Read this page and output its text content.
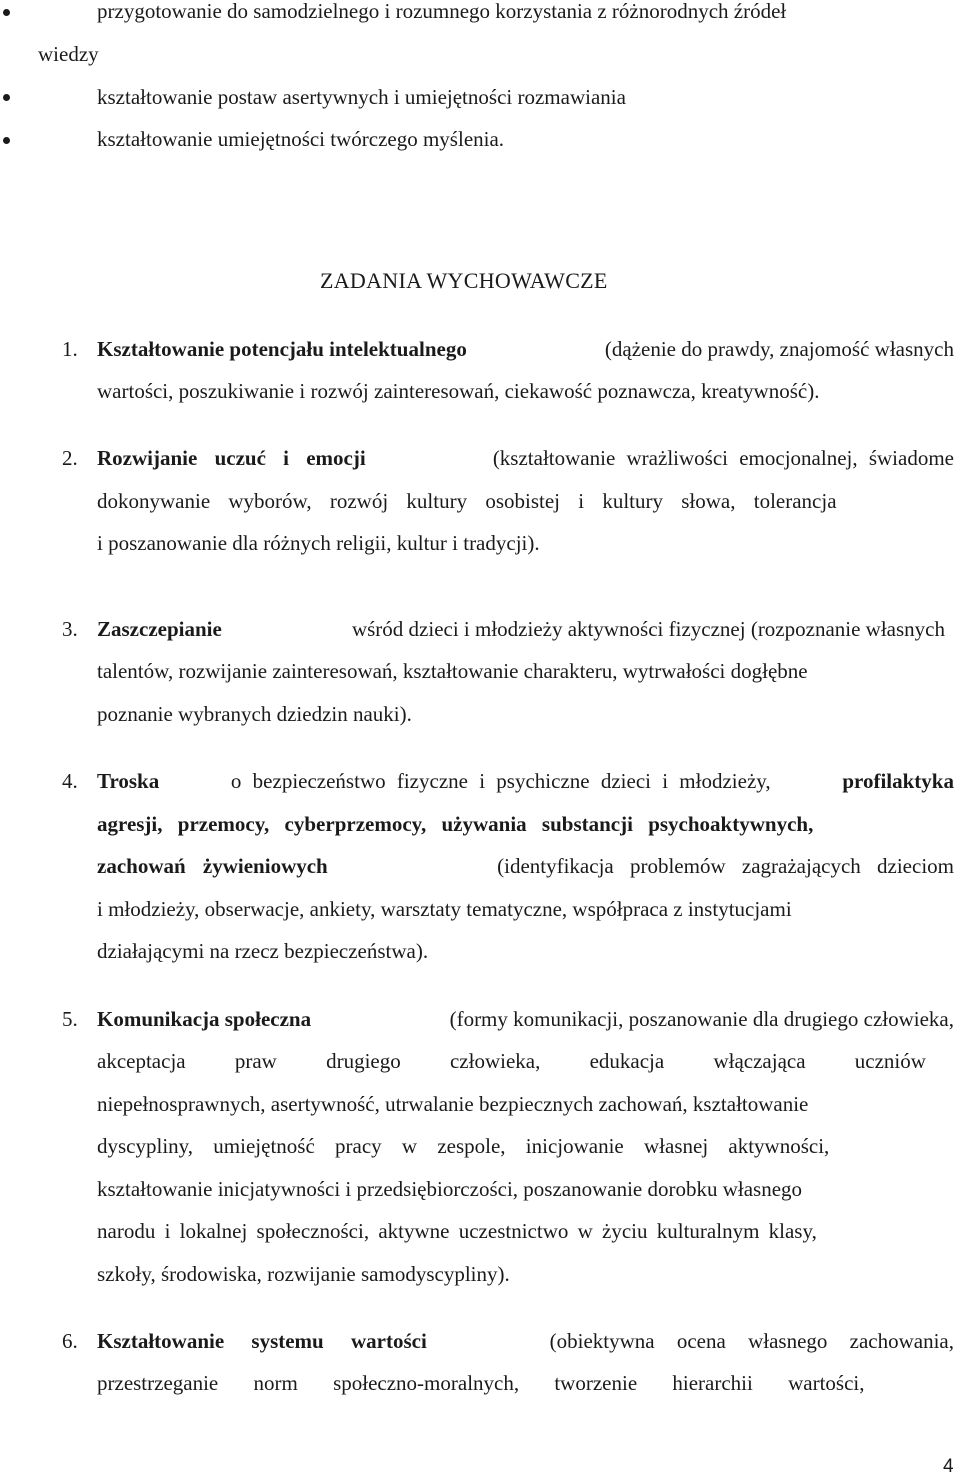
przygotowanie do samodzielnego i rozumnego korzystania z różnorodnych źródeł
wiedzy
kształtowanie postaw asertywnych i umiejętności rozmawiania
kształtowanie umiejętności twórczego myślenia.
ZADANIA WYCHOWAWCZE
1. Kształtowanie potencjału intelektualnego	(dążenie do prawdy, znajomość własnych
wartości, poszukiwanie i rozwój zainteresowań, ciekawość poznawcza, kreatywność).
2. Rozwijanie uczuć i emocji	(kształtowanie wrażliwości emocjonalnej, świadome
dokonywanie wyborów, rozwój kultury osobistej i kultury słowa, tolerancja
i poszanowanie dla różnych religii, kultur i tradycji).
3. Zaszczepianie	wśród dzieci i młodzieży aktywności fizycznej (rozpoznanie własnych
talentów, rozwijanie zainteresowań, kształtowanie charakteru, wytrwałości dogłębne
poznanie wybranych dziedzin nauki).
4. Troska	o bezpieczeństwo fizyczne i psychiczne dzieci i młodzieży,	profilaktyka
agresji, przemocy, cyberprzemocy, używania substancji psychoaktywnych,
zachowań żywieniowych	(identyfikacja problemów zagrażających dzieciom
i młodzieży, obserwacje, ankiety, warsztaty tematyczne, współpraca z instytucjami
działającymi na rzecz bezpieczeństwa).
5. Komunikacja społeczna	(formy komunikacji, poszanowanie dla drugiego człowieka,
akceptacja praw drugiego człowieka, edukacja włączająca uczniów
niepełnosprawnych, asertywność, utrwalanie bezpiecznych zachowań, kształtowanie
dyscypliny, umiejętność pracy w zespole, inicjowanie własnej aktywności,
kształtowanie inicjatywności i przedsiębiorczości, poszanowanie dorobku własnego
narodu i lokalnej społeczności, aktywne uczestnictwo w życiu kulturalnym klasy,
szkoły, środowiska, rozwijanie samodyscypliny).
6. Kształtowanie systemu wartości	(obiektywna ocena własnego zachowania,
przestrzeganie norm społeczno-moralnych, tworzenie hierarchii wartości,
4
